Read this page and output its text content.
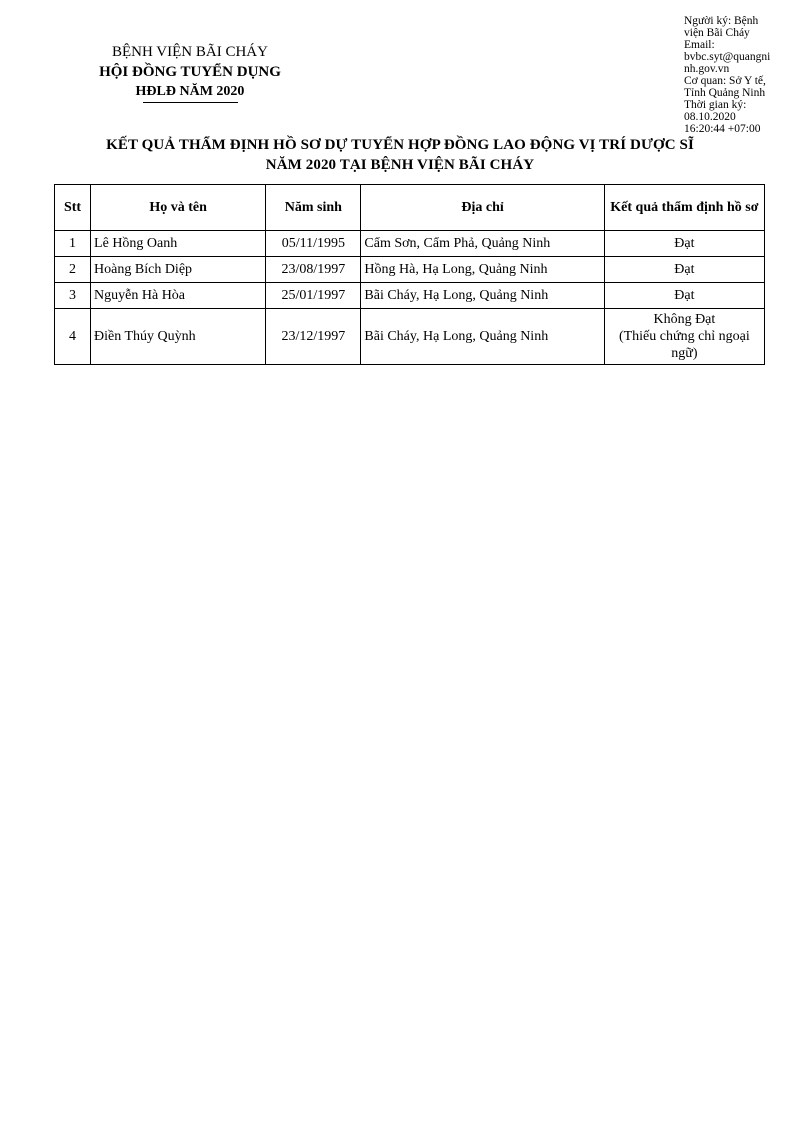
BỆNH VIỆN BÃI CHÁY
HỘI ĐỒNG TUYỂN DỤNG
HĐLĐ NĂM 2020
Người ký: Bệnh viện Bãi Cháy
Email: bvbc.syt@quangninh.gov.vn
Cơ quan: Sở Y tế, Tỉnh Quảng Ninh
Thời gian ký: 08.10.2020 16:20:44 +07:00
KẾT QUẢ THẨM ĐỊNH HỒ SƠ DỰ TUYỂN HỢP ĐỒNG LAO ĐỘNG VỊ TRÍ DƯỢC SĨ
NĂM 2020 TẠI BỆNH VIỆN BÃI CHÁY
Stt	Họ và tên	Năm sinh	Địa chỉ	Kết quả thẩm định hồ sơ
1	Lê Hồng Oanh	05/11/1995	Cẩm Sơn, Cẩm Phả, Quảng Ninh	Đạt
2	Hoàng Bích Diệp	23/08/1997	Hồng Hà, Hạ Long, Quảng Ninh	Đạt
3	Nguyễn Hà Hòa	25/01/1997	Bãi Cháy, Hạ Long, Quảng Ninh	Đạt
4	Điền Thúy Quỳnh	23/12/1997	Bãi Cháy, Hạ Long, Quảng Ninh	Không Đạt
(Thiếu chứng chỉ ngoại ngữ)
